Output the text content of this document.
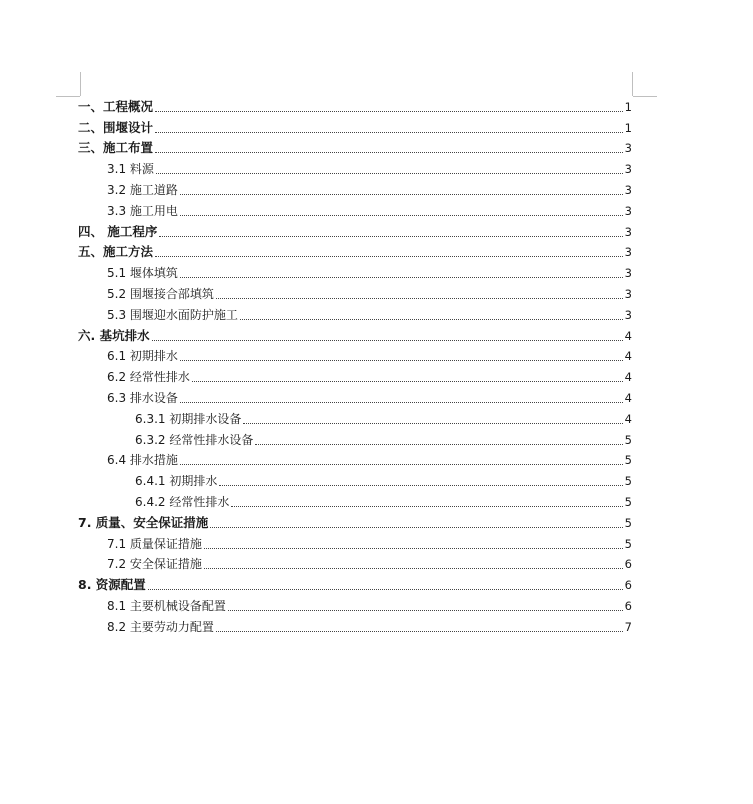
一、工程概况	1
二、围堰设计	1
三、施工布置	3
3.1 料源	3
3.2 施工道路	3
3.3 施工用电	3
四、 施工程序	3
五、施工方法	3
5.1 堰体填筑	3
5.2 围堰接合部填筑	3
5.3 围堰迎水面防护施工	3
六. 基坑排水	4
6.1 初期排水	4
6.2 经常性排水	4
6.3 排水设备	4
6.3.1 初期排水设备	4
6.3.2 经常性排水设备	5
6.4 排水措施	5
6.4.1 初期排水	5
6.4.2 经常性排水	5
7. 质量、安全保证措施	5
7.1 质量保证措施	5
7.2 安全保证措施	6
8. 资源配置	6
8.1 主要机械设备配置	6
8.2 主要劳动力配置	7
